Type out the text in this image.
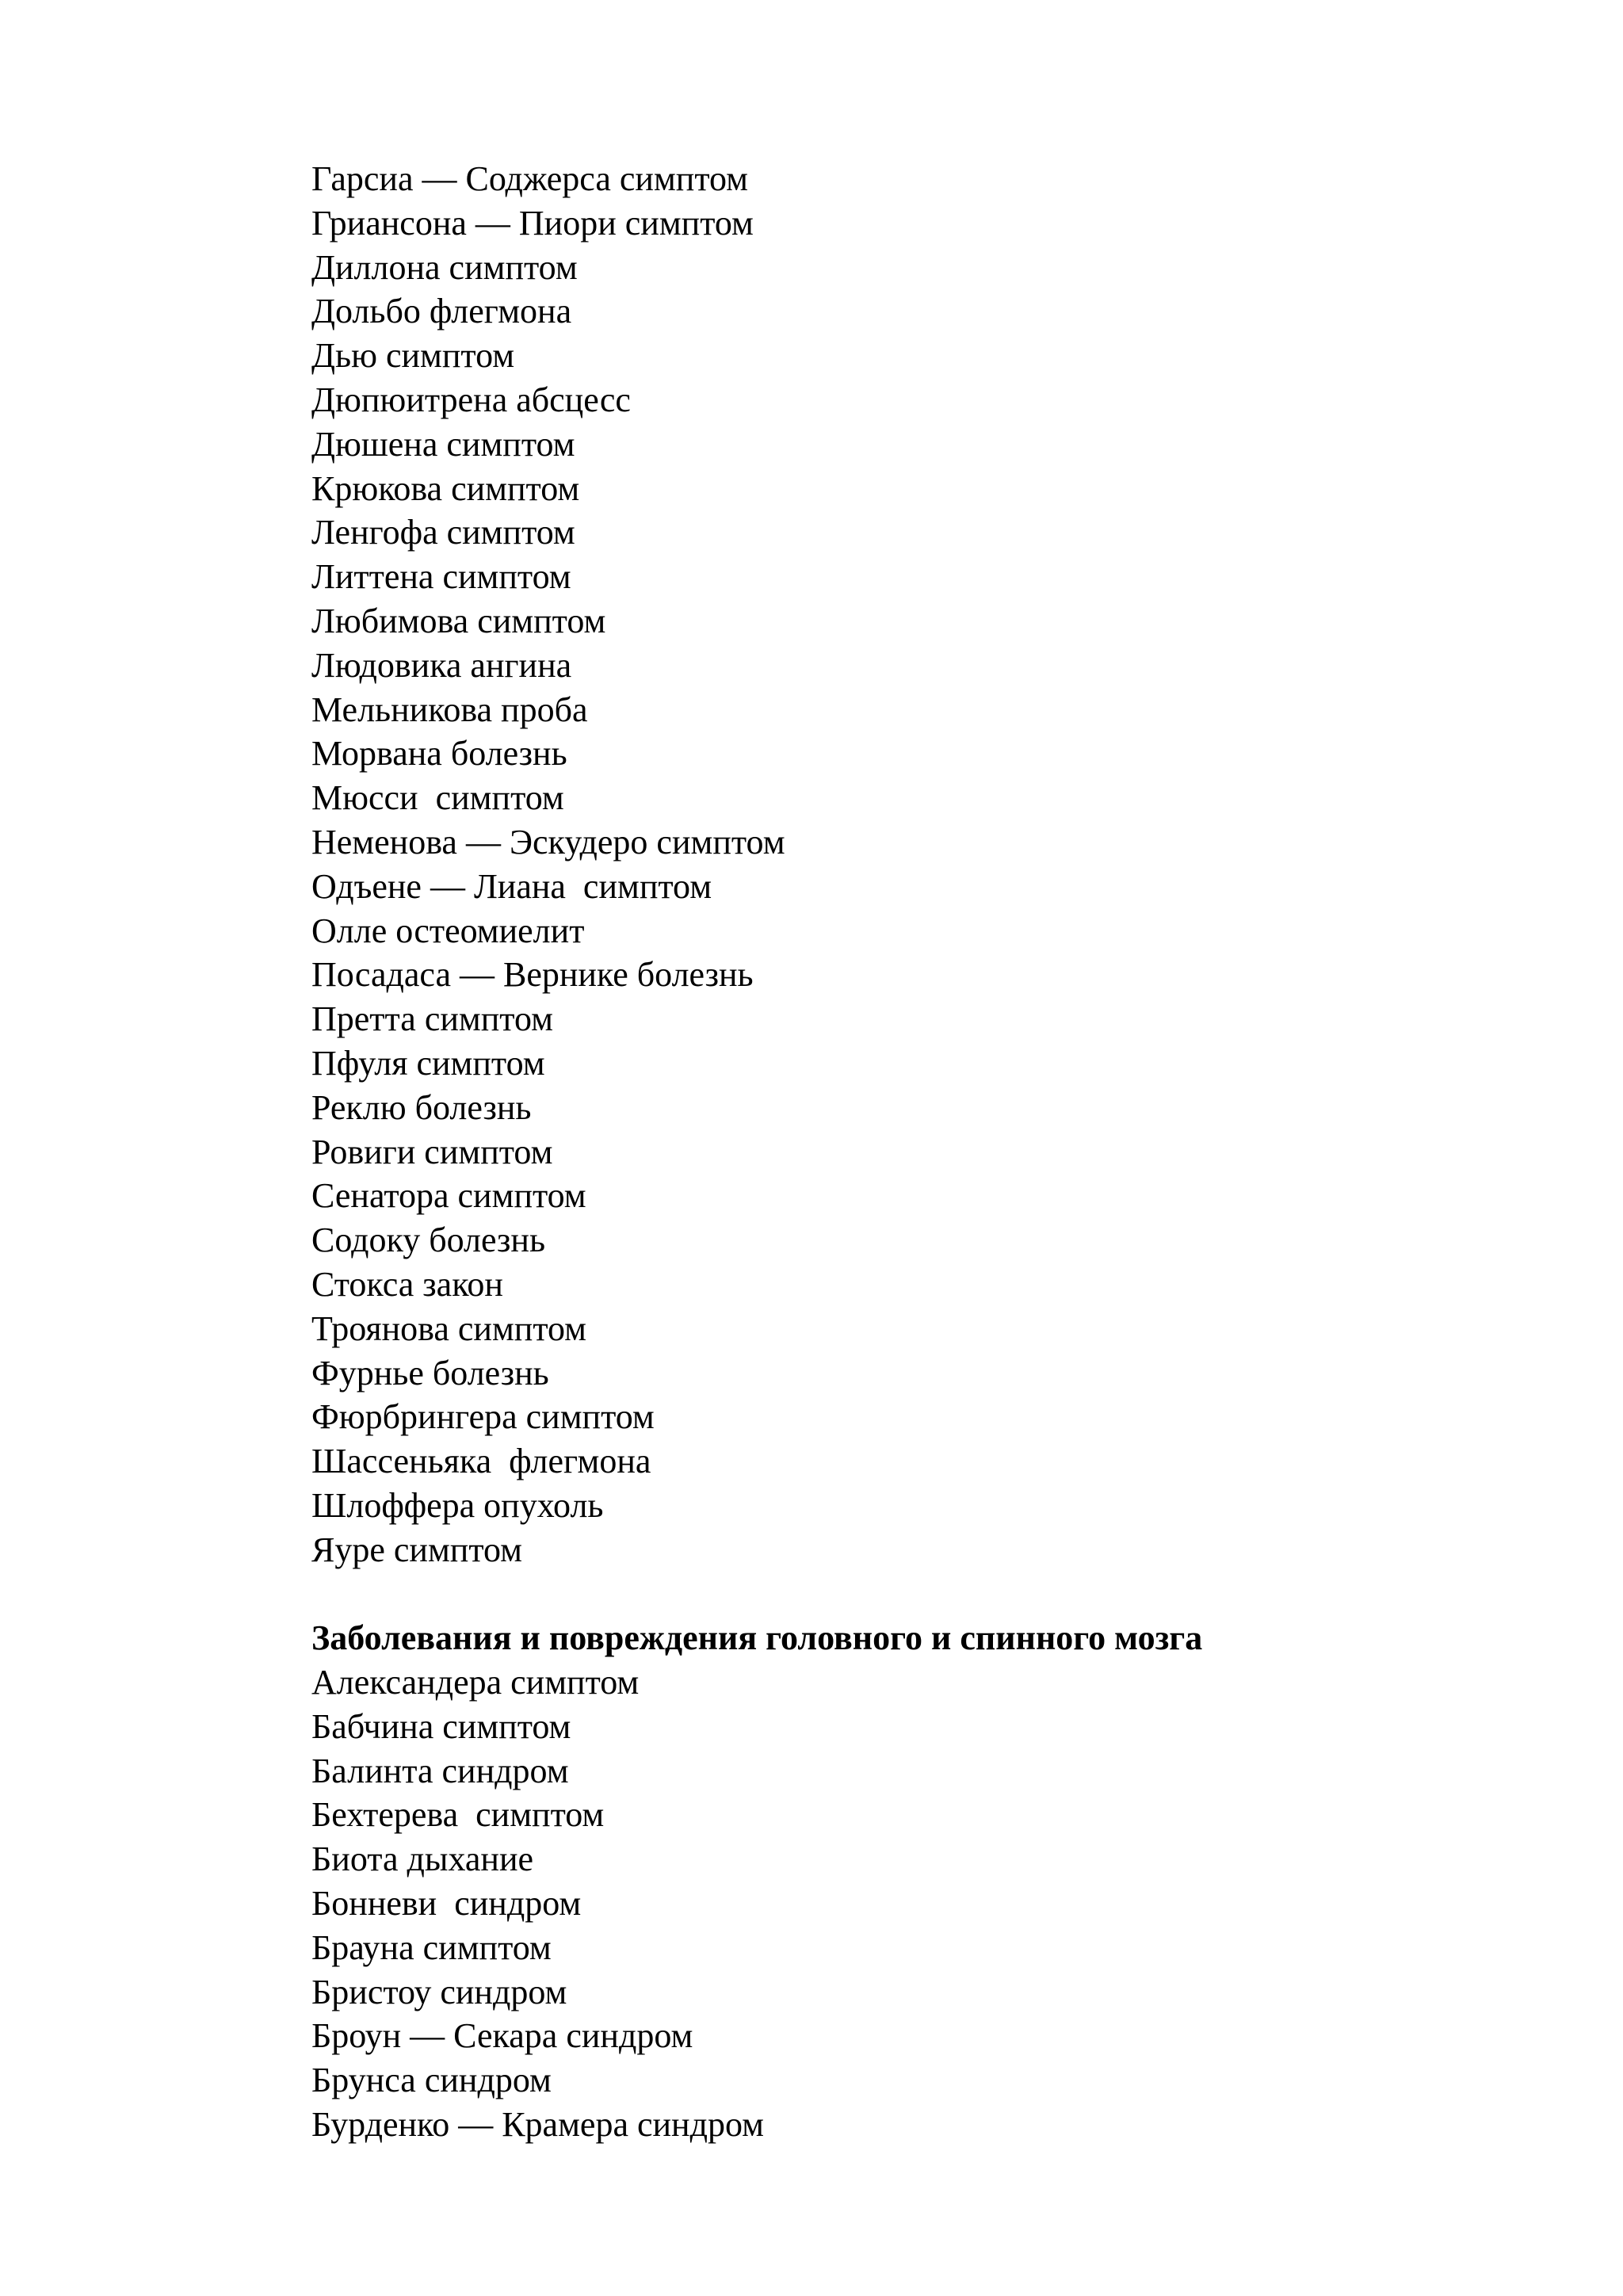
Гарсиа — Соджерса симптом
Гриансона — Пиори симптом
Диллона симптом
Дольбо флегмона
Дью симптом
Дюпюитрена абсцесс
Дюшена симптом
Крюкова симптом
Ленгофа симптом
Литтена симптом
Любимова симптом
Людовика ангина
Мельникова проба
Морвана болезнь
Мюсси  симптом
Неменова — Эскудеро симптом
Одъене — Лиана  симптом
Олле остеомиелит
Посадаса — Вернике болезнь
Претта симптом
Пфуля симптом
Реклю болезнь
Ровиги симптом
Сенатора симптом
Содоку болезнь
Стокса закон
Троянова симптом
Фурнье болезнь
Фюрбрингера симптом
Шассеньяка  флегмона
Шлоффера опухоль
Яуре симптом
Заболевания и повреждения головного и спинного мозга
Александера симптом
Бабчина симптом
Балинта синдром
Бехтерева  симптом
Биота дыхание
Бонневи  синдром
Брауна симптом
Бристоу синдром
Броун — Секара синдром
Брунса синдром
Бурденко — Крамера синдром
